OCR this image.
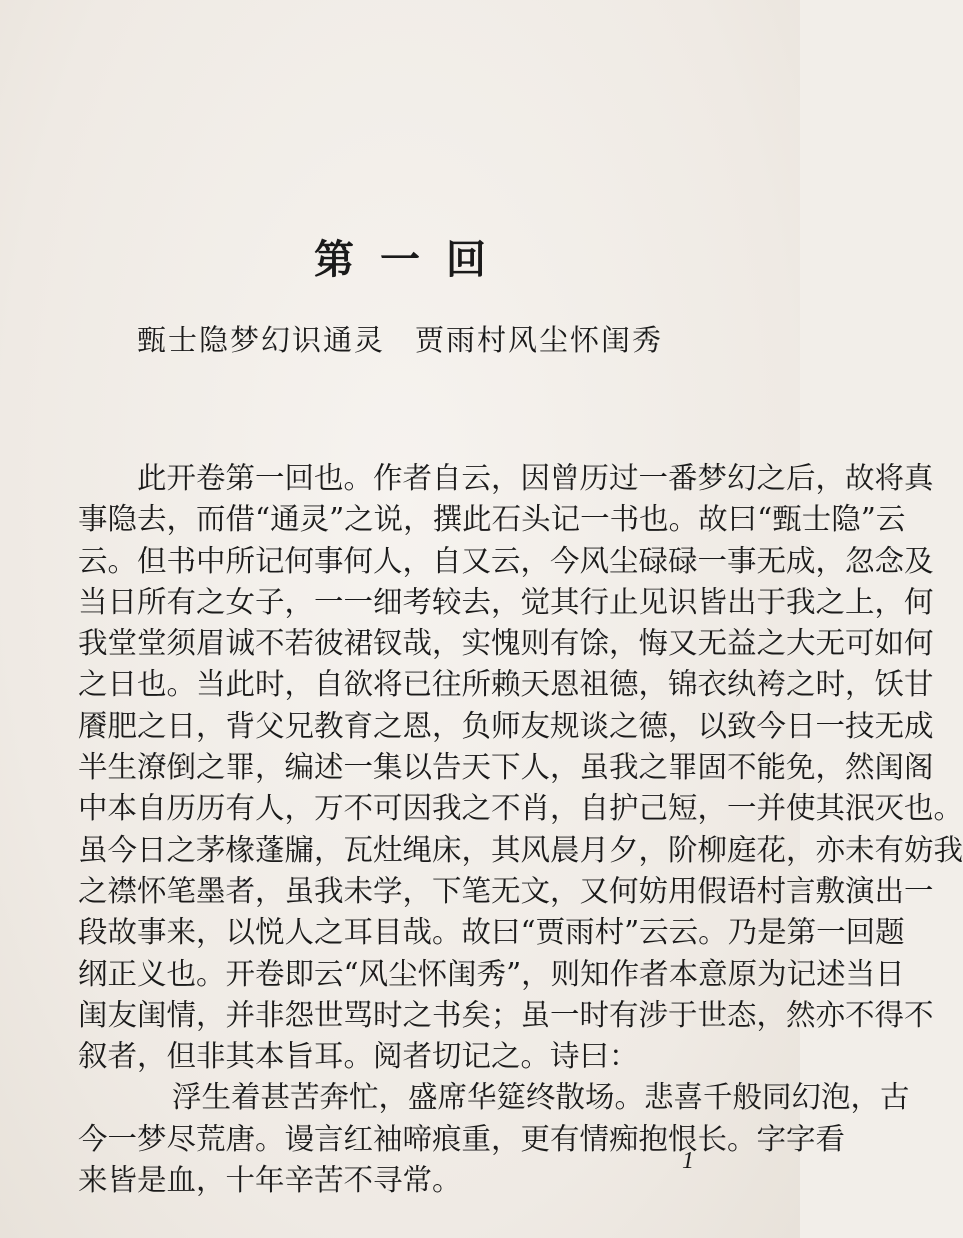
第一回
甄士隐梦幻识通灵 贾雨村风尘怀闺秀

此开卷第一回也。作者自云，因曾历过一番梦幻之后，故将真
事隐去，而借“通灵”之说，撰此石头记一书也。故曰“甄士隐”云
云。但书中所记何事何人，自又云，今风尘碌碌一事无成，忽念及
当日所有之女子，一一细考较去，觉其行止见识皆出于我之上，何
我堂堂须眉诚不若彼裙钗哉，实愧则有馀，悔又无益之大无可如何
之日也。当此时，自欲将已往所赖天恩祖德，锦衣纨袴之时，饫甘
餍肥之日，背父兄教育之恩，负师友规谈之德，以致今日一技无成
半生潦倒之罪，编述一集以告天下人，虽我之罪固不能免，然闺阁
中本自历历有人，万不可因我之不肖，自护己短，一并使其泯灭也。
虽今日之茅椽蓬牖，瓦灶绳床，其风晨月夕，阶柳庭花，亦未有妨我
之襟怀笔墨者，虽我未学，下笔无文，又何妨用假语村言敷演出一
段故事来，以悦人之耳目哉。故曰“贾雨村”云云。乃是第一回题
纲正义也。开卷即云“风尘怀闺秀”，则知作者本意原为记述当日
闺友闺情，并非怨世骂时之书矣；虽一时有涉于世态，然亦不得不
叙者，但非其本旨耳。阅者切记之。诗曰：

浮生着甚苦奔忙，盛席华筵终散场。悲喜千般同幻泡，古
今一梦尽荒唐。谩言红袖啼痕重，更有情痴抱恨长。字字看
来皆是血，十年辛苦不寻常。

1
